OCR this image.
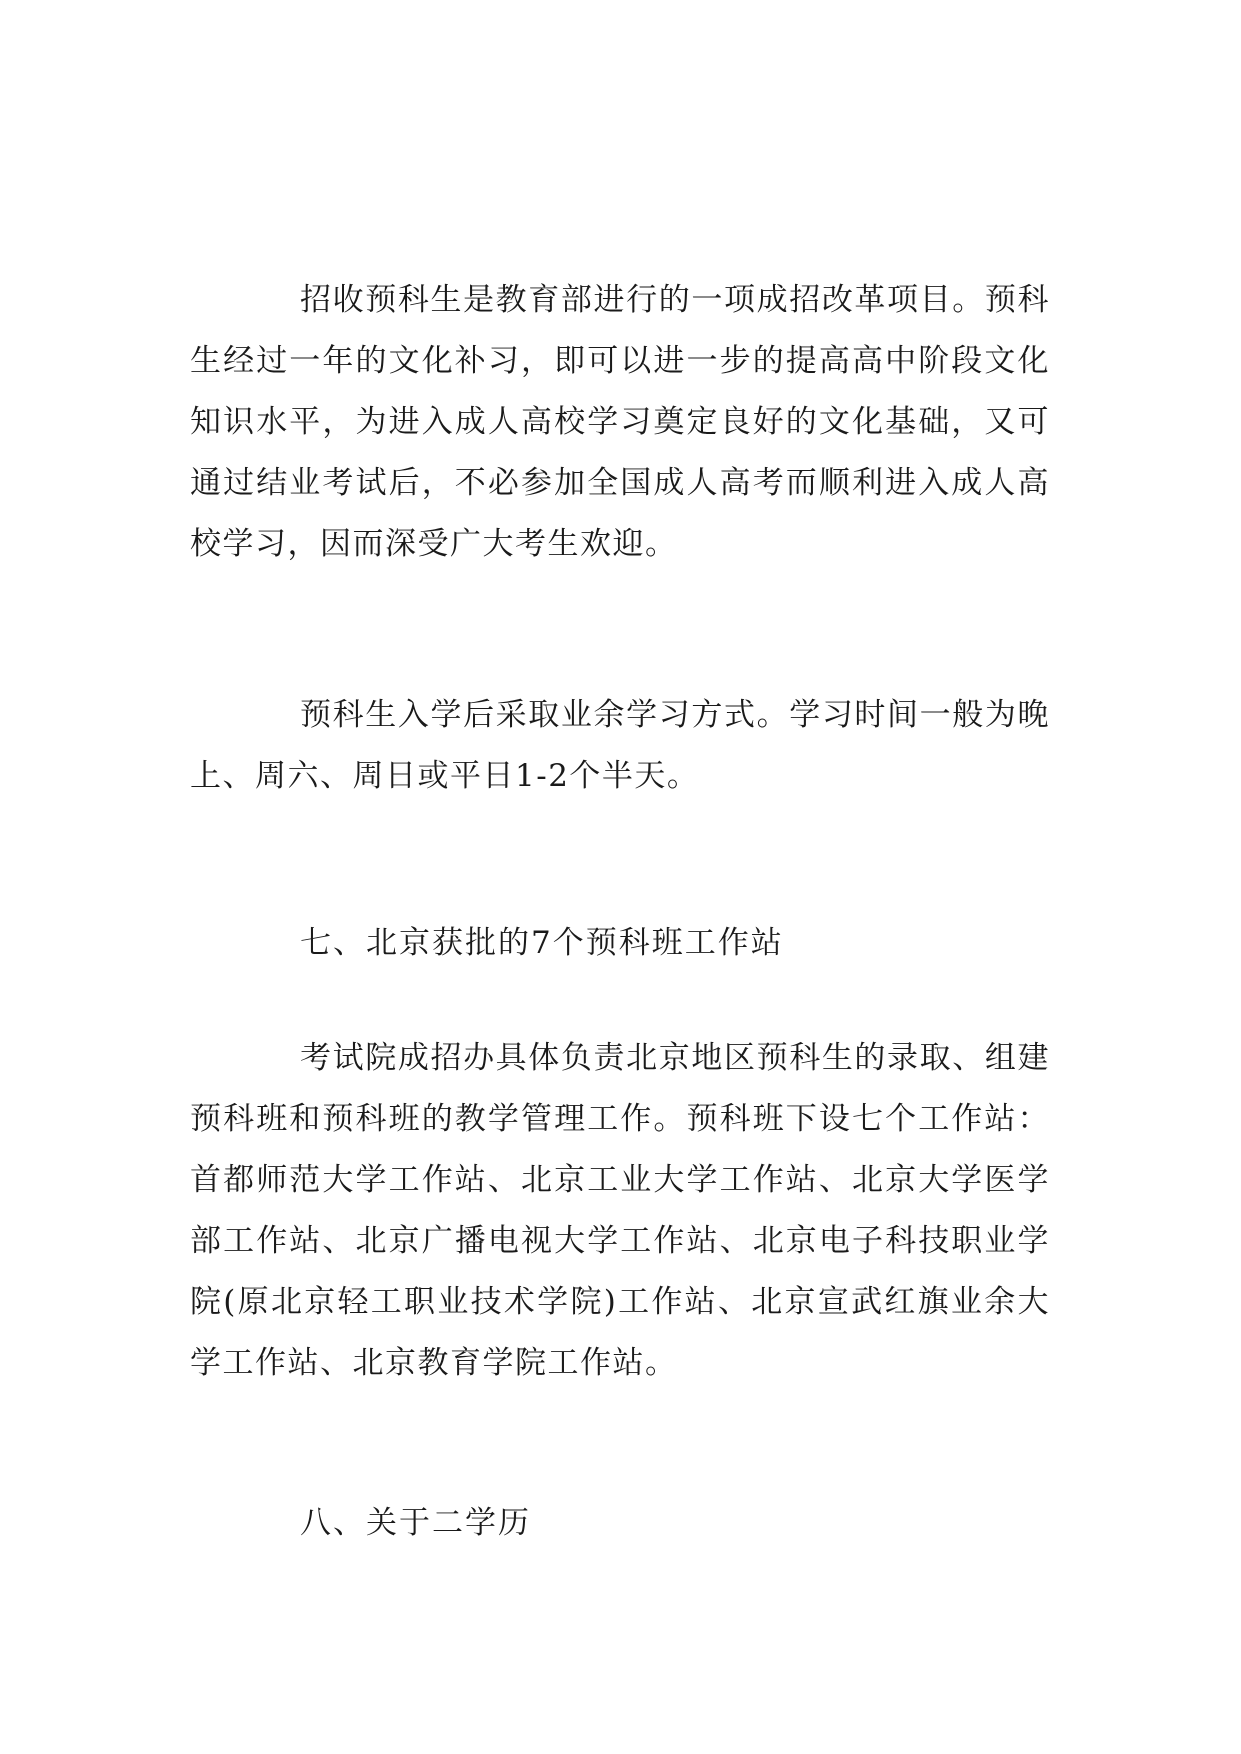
招收预科生是教育部进行的一项成招改革项目。预科生经过一年的文化补习，即可以进一步的提高高中阶段文化知识水平，为进入成人高校学习奠定良好的文化基础，又可通过结业考试后，不必参加全国成人高考而顺利进入成人高校学习，因而深受广大考生欢迎。

预科生入学后采取业余学习方式。学习时间一般为晚上、周六、周日或平日1-2个半天。

七、北京获批的7个预科班工作站

考试院成招办具体负责北京地区预科生的录取、组建预科班和预科班的教学管理工作。预科班下设七个工作站：首都师范大学工作站、北京工业大学工作站、北京大学医学部工作站、北京广播电视大学工作站、北京电子科技职业学院(原北京轻工职业技术学院)工作站、北京宣武红旗业余大学工作站、北京教育学院工作站。

八、关于二学历
